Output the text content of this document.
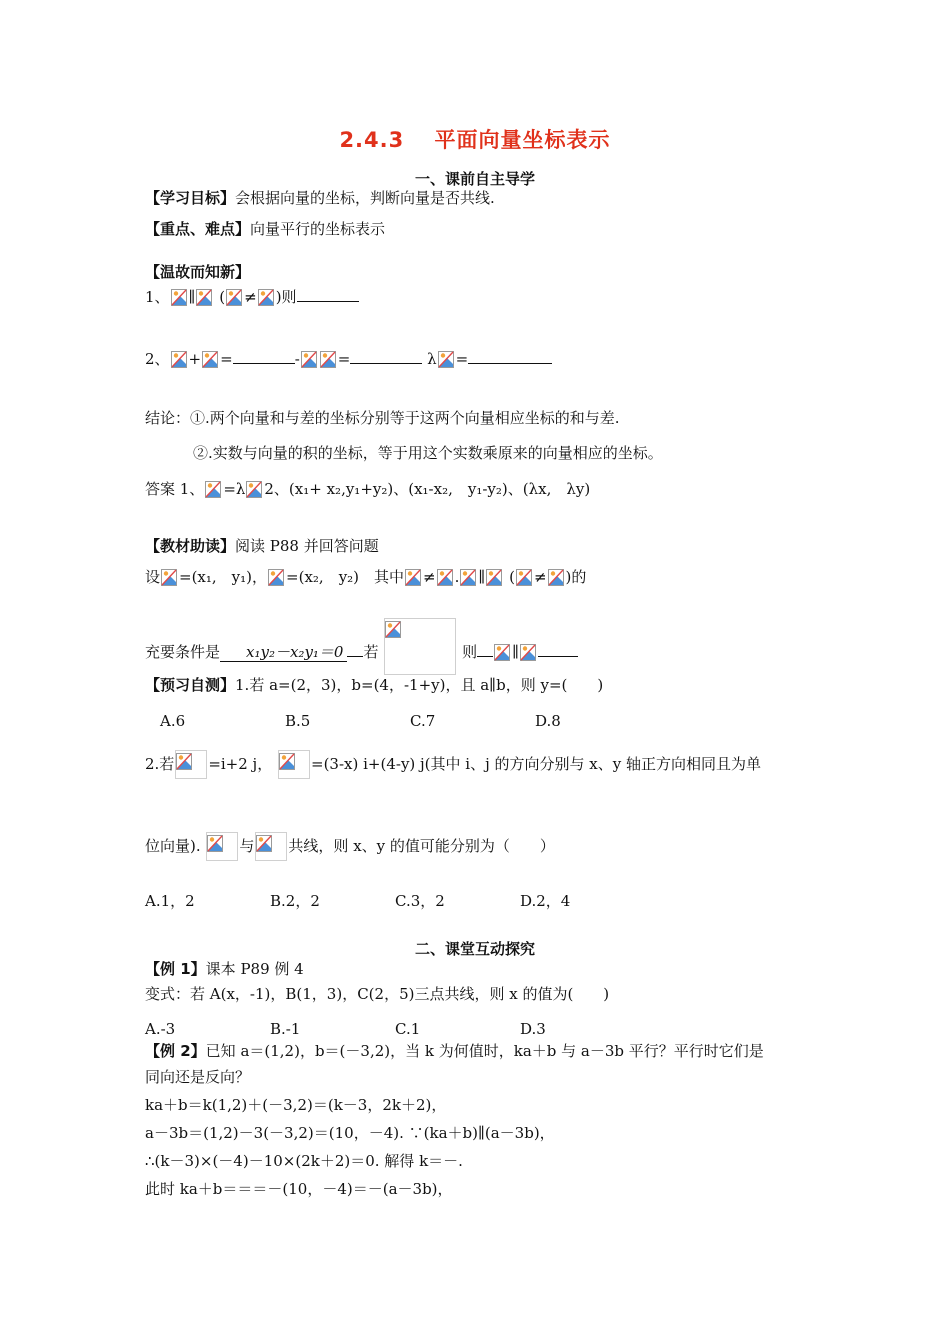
2.4.3　 平面向量坐标表示
一、课前自主导学
【学习目标】会根据向量的坐标，判断向量是否共线.
【重点、难点】向量平行的坐标表示
【温故而知新】
1、 ∥ ( ≠ )则
2、 + =	-	=	λ =
结论：①.两个向量和与差的坐标分别等于这两个向量相应坐标的和与差.
②.实数与向量的积的坐标，等于用这个实数乘原来的向量相应的坐标。
答案 1、 =λ 2、(x₁+ x₂,y₁+y₂)、(x₁-x₂,　y₁-y₂)、(λx,　λy)
【教材助读】阅读 P88 并回答问题
设 =(x₁,　y₁)， =(x₂,　y₂)　其中 ≠ . ∥
( ≠ )的
充要条件是 x₁y₂－x₂y₁＝0 若	则 ∥
【预习自测】1.若 a=(2，3)，b=(4，-1+y)，且 a∥b，则 y=(　　)
A.6	B.5	C.7	D.8
2.若 =i+2 j，	=(3-x) i+(4-y) j(其中 i、j 的方向分别与 x、y 轴正方向相同且为单
位向量).	与 共线，则 x、y 的值可能分别为（　　）
A.1，2	B.2，2	C.3，2	D.2，4
二、课堂互动探究
【例 1】课本 P89 例 4
变式：若 A(x，-1)，B(1，3)，C(2，5)三点共线，则 x 的值为(　　)
A.-3	B.-1	C.1	D.3
【例 2】已知 a＝(1,2)，b＝(－3,2)，当 k 为何值时，ka＋b 与 a－3b 平行？平行时它们是
同向还是反向？
ka＋b＝k(1,2)＋(－3,2)＝(k－3，2k＋2)，
a－3b＝(1,2)－3(－3,2)＝(10，－4). ∵(ka＋b)∥(a－3b)，
∴(k－3)×(－4)－10×(2k＋2)＝0. 解得 k＝－.
此时 ka＋b＝＝＝－(10，－4)＝－(a－3b)，
